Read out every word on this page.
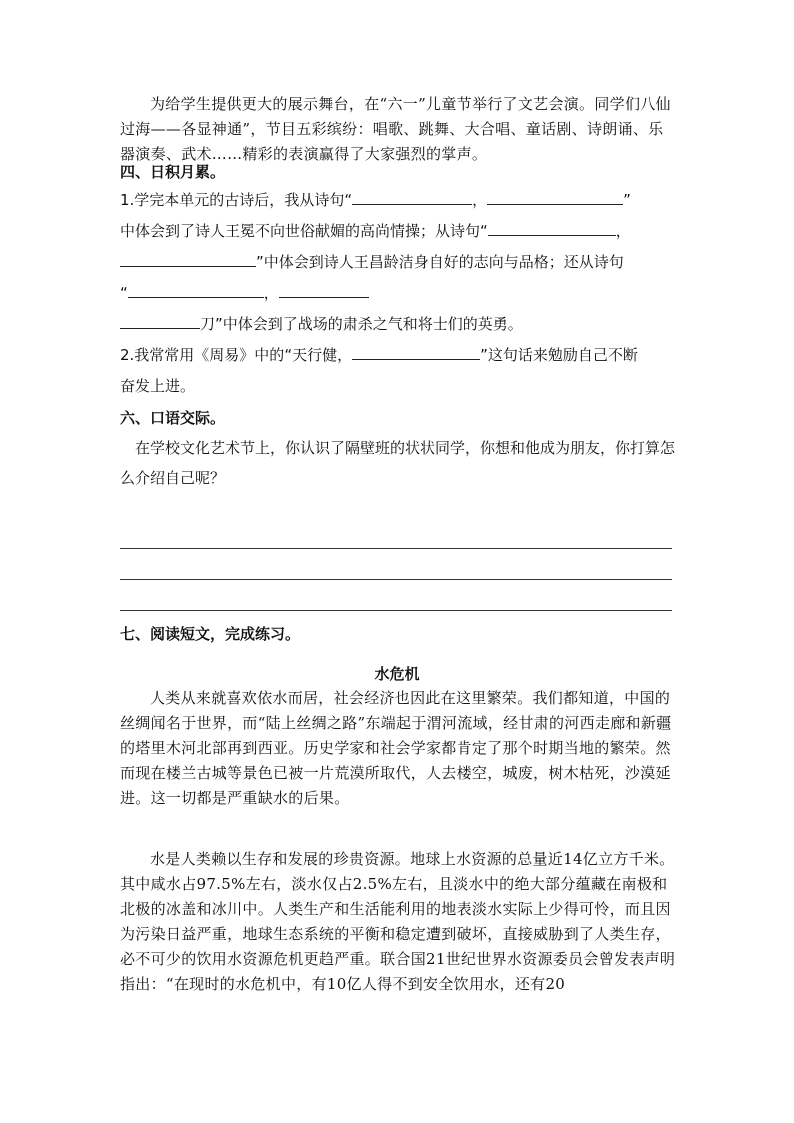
为给学生提供更大的展示舞台，在“六一”儿童节举行了文艺会演。同学们八仙过海——各显神通”，节目五彩缤纷：唱歌、跳舞、大合唱、童话剧、诗朗诵、乐器演奏、武术……精彩的表演赢得了大家强烈的掌声。

四、日积月累。

1.学完本单元的古诗后，我从诗句“	，	”
中体会到了诗人王冕不向世俗献媚的高尚情操；从诗句“	，
”中体会到诗人王昌龄洁身自好的志向与品格；还从诗句
“	，
刀”中体会到了战场的肃杀之气和将士们的英勇。
2.我常常用《周易》中的“天行健，	”这句话来勉励自己不断
奋发上进。

六、口语交际。

在学校文化艺术节上，你认识了隔壁班的状状同学，你想和他成为朋友，你打算怎么介绍自己呢？

七、阅读短文，完成练习。

水危机

人类从来就喜欢依水而居，社会经济也因此在这里繁荣。我们都知道，中国的丝绸闻名于世界，而“陆上丝绸之路”东端起于渭河流域，经甘肃的河西走廊和新疆的塔里木河北部再到西亚。历史学家和社会学家都肯定了那个时期当地的繁荣。然而现在楼兰古城等景色已被一片荒漠所取代，人去楼空，城废，树木枯死，沙漠延进。这一切都是严重缺水的后果。

水是人类赖以生存和发展的珍贵资源。地球上水资源的总量近14亿立方千米。其中咸水占97.5%左右，淡水仅占2.5%左右，且淡水中的绝大部分蕴藏在南极和北极的冰盖和冰川中。人类生产和生活能利用的地表淡水实际上少得可怜，而且因为污染日益严重，地球生态系统的平衡和稳定遭到破坏，直接威胁到了人类生存，必不可少的饮用水资源危机更趋严重。联合国21世纪世界水资源委员会曾发表声明指出：“在现时的水危机中，有10亿人得不到安全饮用水，还有20
